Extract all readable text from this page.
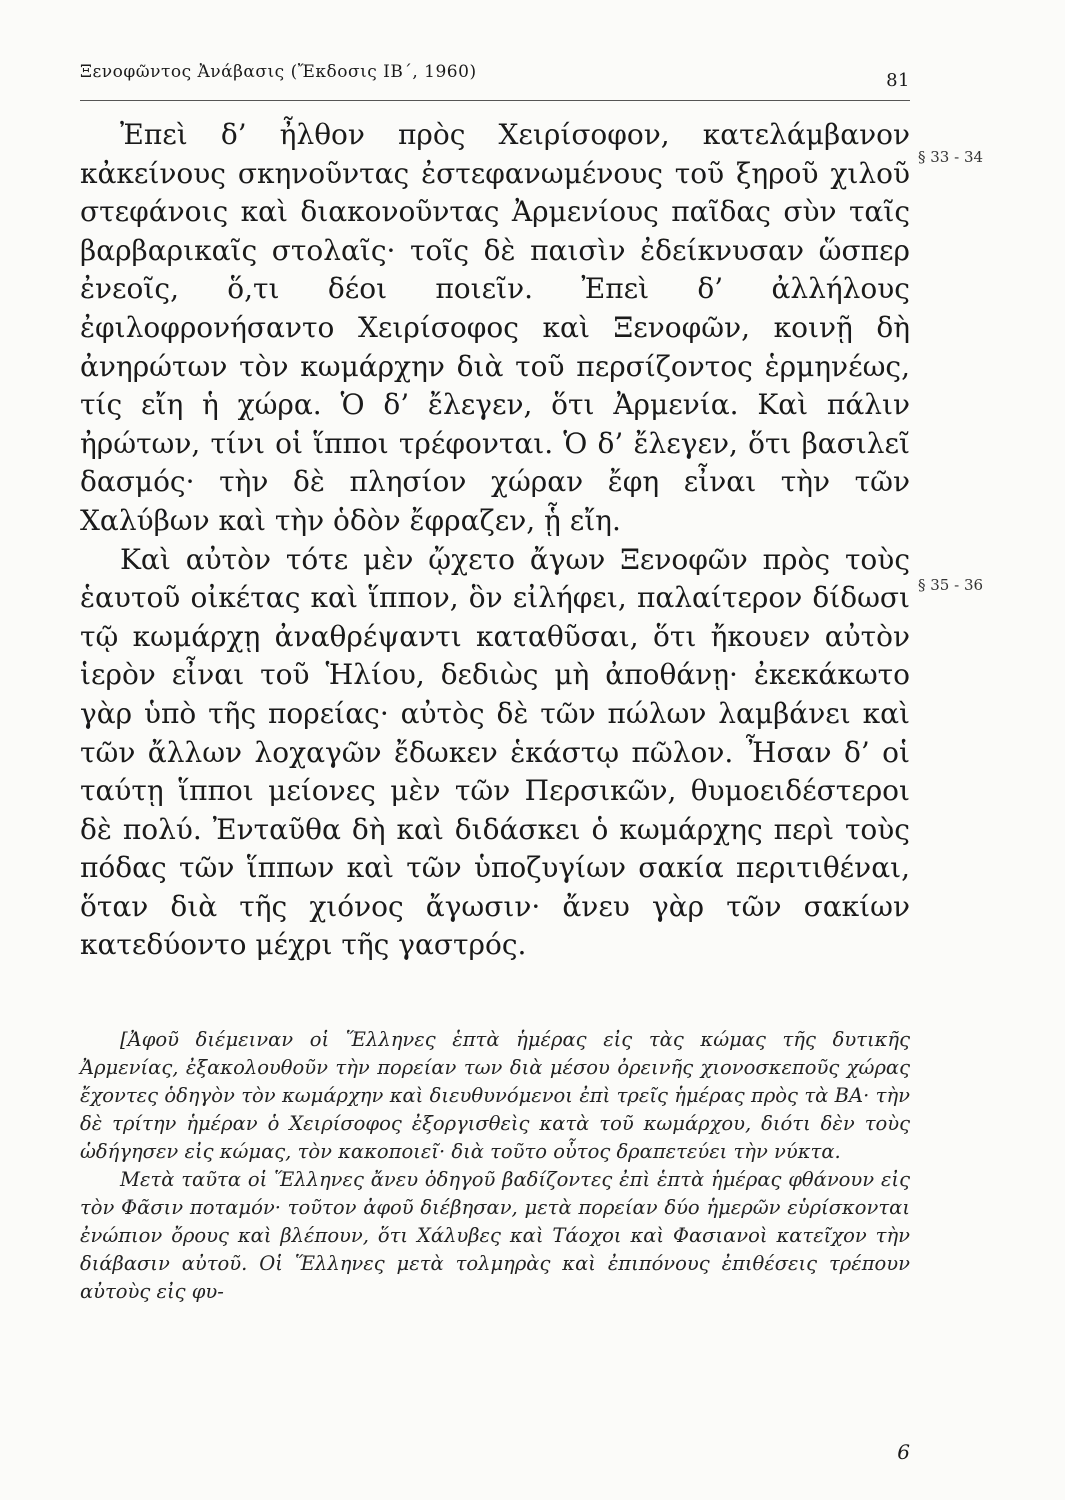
Ξενοφῶντος Ἀνάβασις (Ἔκδοσις ΙΒ΄, 1960)	81
§ 33 - 34
§ 35 - 36

Ἐπεὶ δ’ ἦλθον πρὸς Χειρίσοφον, κατελάμβανον κἀκείνους σκηνοῦντας ἐστεφανωμένους τοῦ ξηροῦ χιλοῦ στεφάνοις καὶ διακονοῦντας Ἀρμενίους παῖδας σὺν ταῖς βαρβαρικαῖς στολαῖς· τοῖς δὲ παισὶν ἐδείκνυσαν ὥσπερ ἐνεοῖς, ὅ,τι δέοι ποιεῖν. Ἐπεὶ δ’ ἀλλήλους ἐφιλοφρονήσαντο Χειρίσοφος καὶ Ξενοφῶν, κοινῇ δὴ ἀνηρώτων τὸν κωμάρχην διὰ τοῦ περσίζοντος ἑρμηνέως, τίς εἴη ἡ χώρα. Ὁ δ’ ἔλεγεν, ὅτι Ἀρμενία. Καὶ πάλιν ἠρώτων, τίνι οἱ ἵπποι τρέφονται. Ὁ δ’ ἔλεγεν, ὅτι βασιλεῖ δασμός· τὴν δὲ πλησίον χώραν ἔφη εἶναι τὴν τῶν Χαλύβων καὶ τὴν ὁδὸν ἔφραζεν, ᾗ εἴη.

Καὶ αὐτὸν τότε μὲν ᾤχετο ἄγων Ξενοφῶν πρὸς τοὺς ἑαυτοῦ οἰκέτας καὶ ἵππον, ὃν εἰλήφει, παλαίτερον δίδωσι τῷ κωμάρχῃ ἀναθρέψαντι καταθῦσαι, ὅτι ἤκουεν αὐτὸν ἱερὸν εἶναι τοῦ Ἡλίου, δεδιὼς μὴ ἀποθάνῃ· ἐκεκάκωτο γὰρ ὑπὸ τῆς πορείας· αὐτὸς δὲ τῶν πώλων λαμβάνει καὶ τῶν ἄλλων λοχαγῶν ἔδωκεν ἑκάστῳ πῶλον. Ἦσαν δ’ οἱ ταύτῃ ἵπποι μείονες μὲν τῶν Περσικῶν, θυμοειδέστεροι δὲ πολύ. Ἐνταῦθα δὴ καὶ διδάσκει ὁ κωμάρχης περὶ τοὺς πόδας τῶν ἵππων καὶ τῶν ὑποζυγίων σακία περιτιθέναι, ὅταν διὰ τῆς χιόνος ἄγωσιν· ἄνευ γὰρ τῶν σακίων κατεδύοντο μέχρι τῆς γαστρός.

[Ἀφοῦ διέμειναν οἱ Ἕλληνες ἑπτὰ ἡμέρας εἰς τὰς κώμας τῆς δυτικῆς Ἀρμενίας, ἐξακολουθοῦν τὴν πορείαν των διὰ μέσου ὀρεινῆς χιονοσκεποῦς χώρας ἔχοντες ὁδηγὸν τὸν κωμάρχην καὶ διευθυνόμενοι ἐπὶ τρεῖς ἡμέρας πρὸς τὰ ΒΑ· τὴν δὲ τρίτην ἡμέραν ὁ Χειρίσοφος ἐξοργισθεὶς κατὰ τοῦ κωμάρχου, διότι δὲν τοὺς ὡδήγησεν εἰς κώμας, τὸν κακοποιεῖ· διὰ τοῦτο οὗτος δραπετεύει τὴν νύκτα.

Μετὰ ταῦτα οἱ Ἕλληνες ἄνευ ὁδηγοῦ βαδίζοντες ἐπὶ ἑπτὰ ἡμέρας φθάνουν εἰς τὸν Φᾶσιν ποταμόν· τοῦτον ἀφοῦ διέβησαν, μετὰ πορείαν δύο ἡμερῶν εὑρίσκονται ἐνώπιον ὄρους καὶ βλέπουν, ὅτι Χάλυβες καὶ Τάοχοι καὶ Φασιανοὶ κατεῖχον τὴν διάβασιν αὐτοῦ. Οἱ Ἕλληνες μετὰ τολμηρὰς καὶ ἐπιπόνους ἐπιθέσεις τρέπουν αὐτοὺς εἰς φυ-

6
